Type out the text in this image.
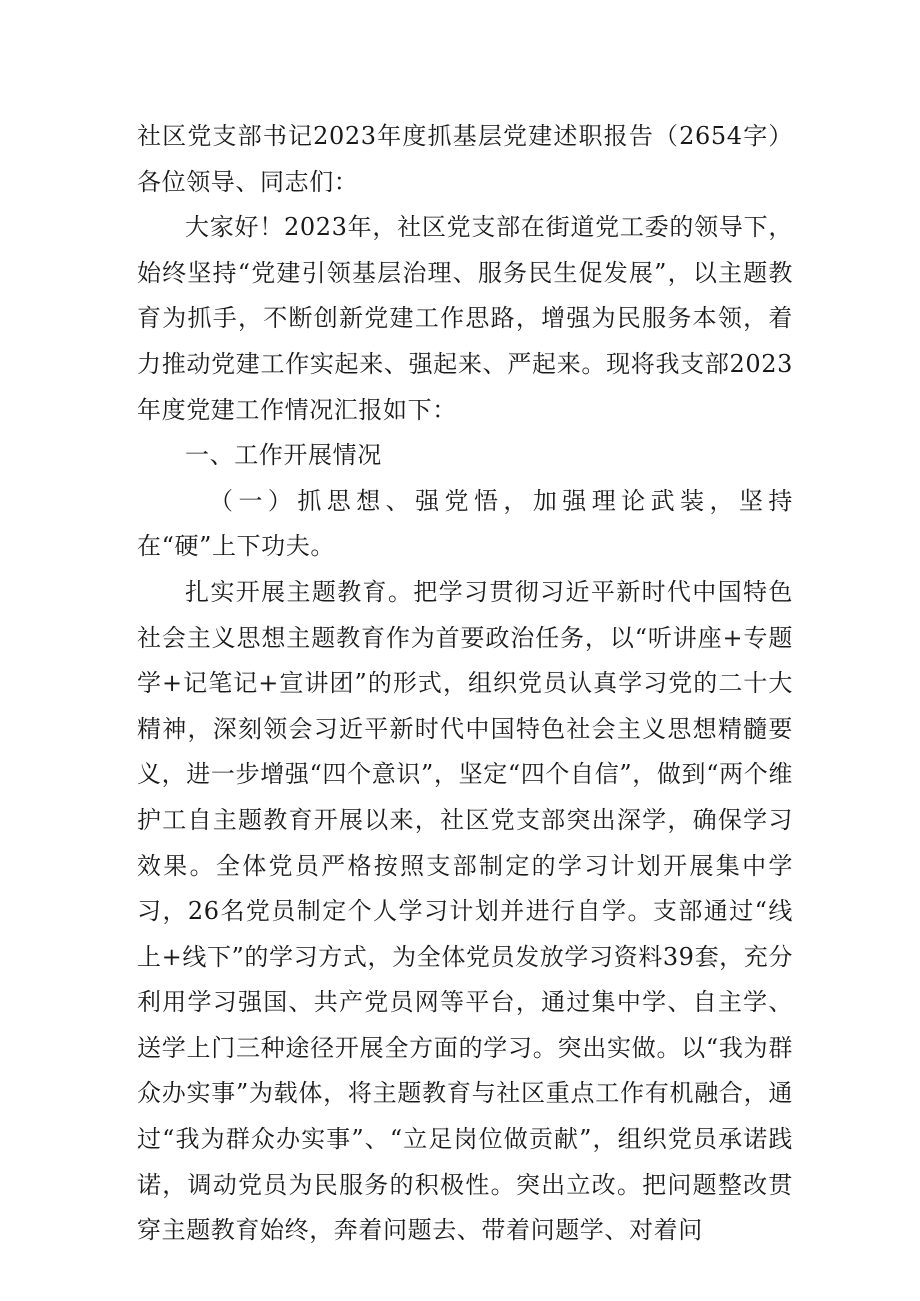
社区党支部书记2023年度抓基层党建述职报告（2654字）各位领导、同志们：

大家好！2023年，社区党支部在街道党工委的领导下，始终坚持“党建引领基层治理、服务民生促发展”，以主题教育为抓手，不断创新党建工作思路，增强为民服务本领，着力推动党建工作实起来、强起来、严起来。现将我支部2023年度党建工作情况汇报如下：

一、工作开展情况

（一）抓思想、强党悟，加强理论武装，坚持在“硬”上下功夫。

扎实开展主题教育。把学习贯彻习近平新时代中国特色社会主义思想主题教育作为首要政治任务，以“听讲座+专题学+记笔记+宣讲团”的形式，组织党员认真学习党的二十大精神，深刻领会习近平新时代中国特色社会主义思想精髓要义，进一步增强“四个意识”，坚定“四个自信”，做到“两个维护工自主题教育开展以来，社区党支部突出深学，确保学习效果。全体党员严格按照支部制定的学习计划开展集中学习，26名党员制定个人学习计划并进行自学。支部通过“线上+线下”的学习方式，为全体党员发放学习资料39套，充分利用学习强国、共产党员网等平台，通过集中学、自主学、送学上门三种途径开展全方面的学习。突出实做。以“我为群众办实事”为载体，将主题教育与社区重点工作有机融合，通过“我为群众办实事”、“立足岗位做贡献”，组织党员承诺践诺，调动党员为民服务的积极性。突出立改。把问题整改贯穿主题教育始终，奔着问题去、带着问题学、对着问
